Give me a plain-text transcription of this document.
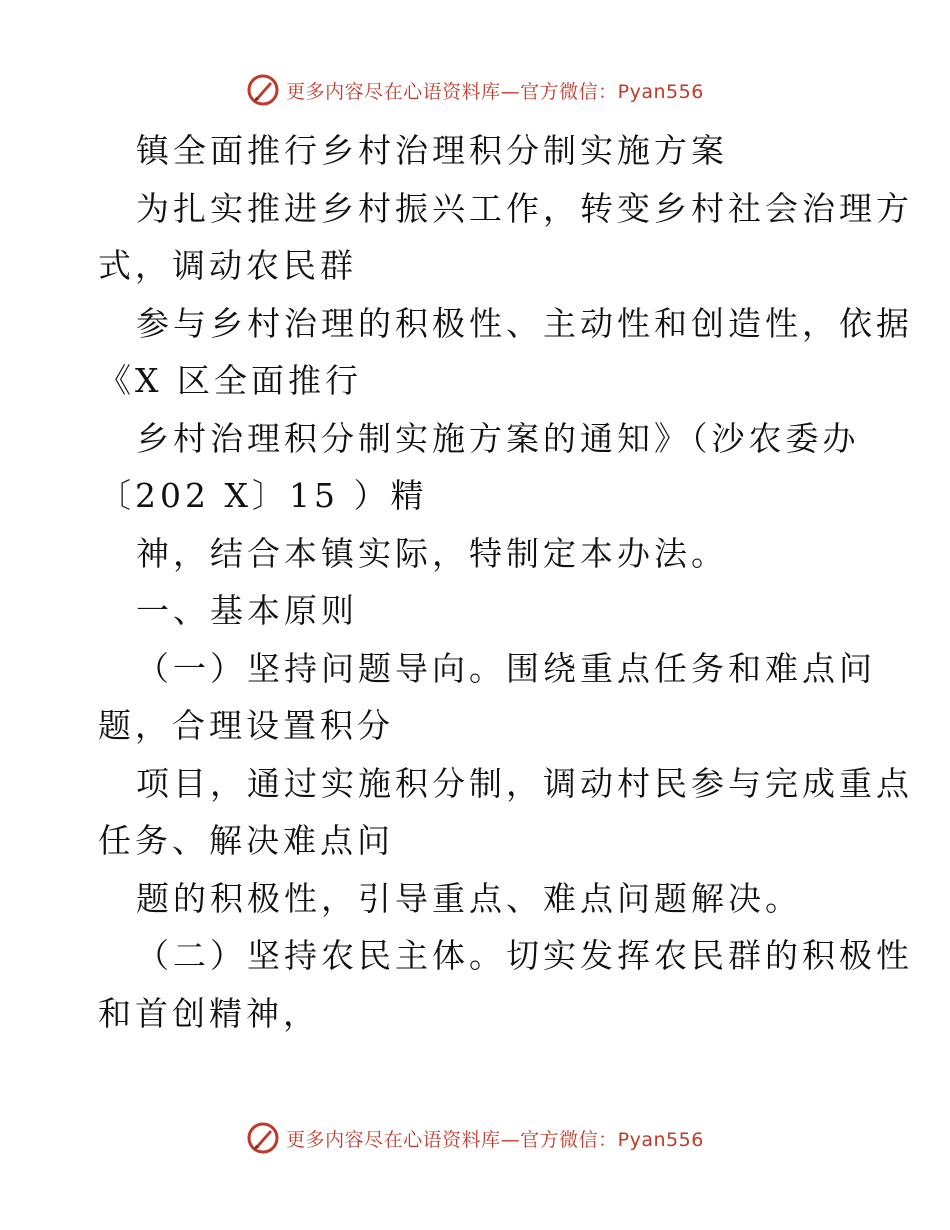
更多内容尽在心语资料库—官方微信：Pyan556
镇全面推行乡村治理积分制实施方案
为扎实推进乡村振兴工作，转变乡村社会治理方
式，调动农民群
参与乡村治理的积极性、主动性和创造性，依据
《X 区全面推行
乡村治理积分制实施方案的通知》（沙农委办
〔202 X〕15 ）精
神，结合本镇实际，特制定本办法。
一、基本原则
（一）坚持问题导向。围绕重点任务和难点问
题，合理设置积分
项目，通过实施积分制，调动村民参与完成重点
任务、解决难点问
题的积极性，引导重点、难点问题解决。
（二）坚持农民主体。切实发挥农民群的积极性
和首创精神，
更多内容尽在心语资料库—官方微信：Pyan556
